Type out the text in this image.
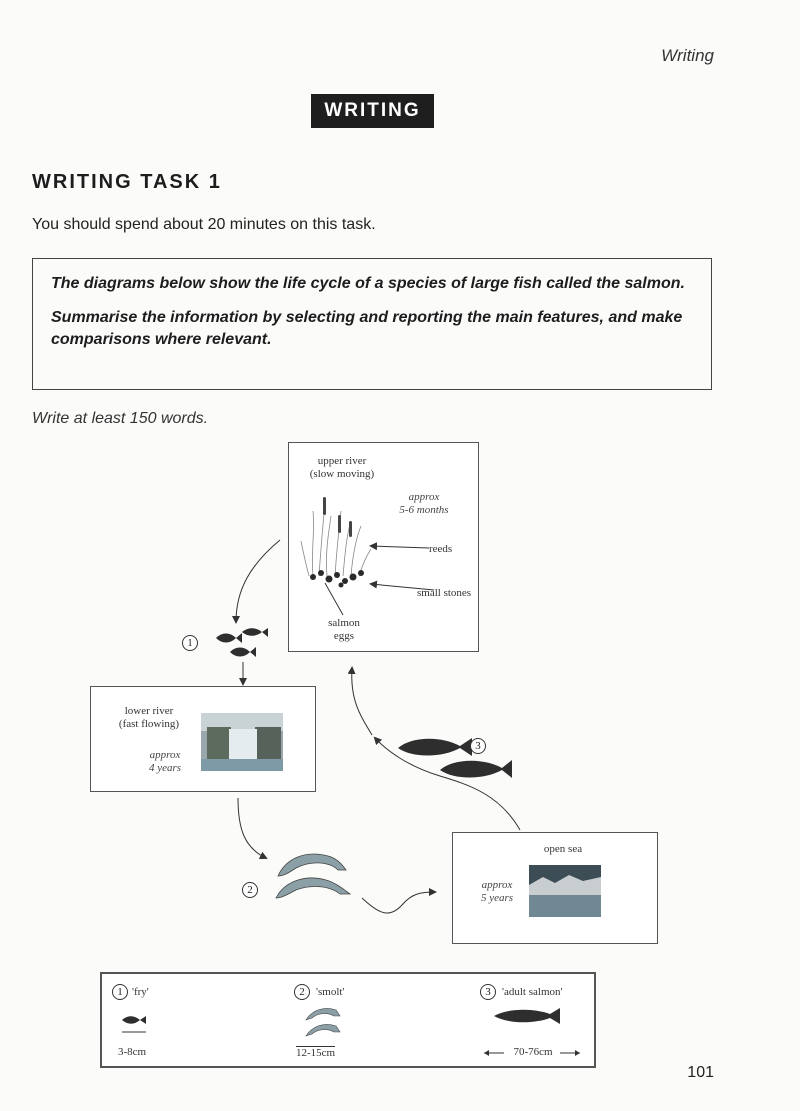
Writing
WRITING
WRITING TASK 1
You should spend about 20 minutes on this task.

The diagrams below show the life cycle of a species of large fish called the salmon.

Summarise the information by selecting and reporting the main features, and make comparisons where relevant.

Write at least 150 words.
upper river
(slow moving)
approx
5-6 months
reeds
small stones
salmon
eggs
1
lower river
(fast flowing)
approx
4 years
2
open sea
approx
5 years
3
1 'fry'
3-8cm
2	'smolt'
12-15cm
3	'adult salmon'
70-76cm
101
